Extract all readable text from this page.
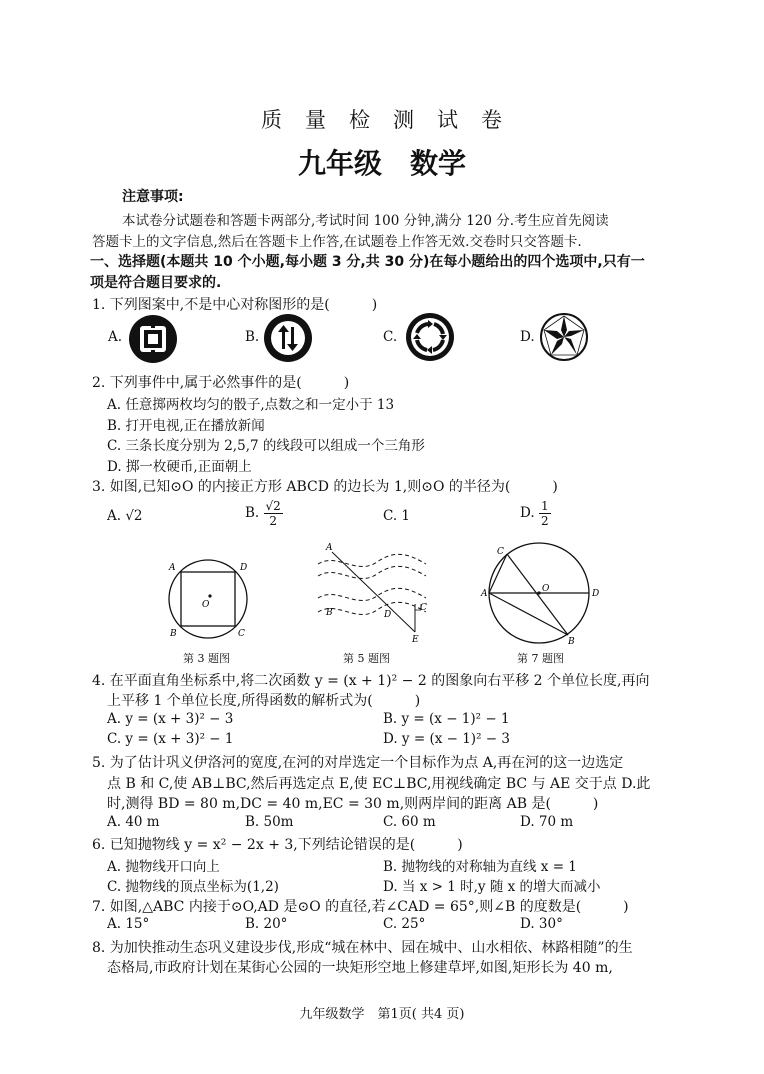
质　量　检　测　试　卷
九年级　数学
注意事项:
本试卷分试题卷和答题卡两部分,考试时间 100 分钟,满分 120 分.考生应首先阅读
答题卡上的文字信息,然后在答题卡上作答,在试题卷上作答无效.交卷时只交答题卡.
一、选择题(本题共 10 个小题,每小题 3 分,共 30 分)在每小题给出的四个选项中,只有一
项是符合题目要求的.
1. 下列图案中,不是中心对称图形的是(　　　)
A.	B.	C.	D.
2. 下列事件中,属于必然事件的是(　　　)
A. 任意掷两枚均匀的骰子,点数之和一定小于 13
B. 打开电视,正在播放新闻
C. 三条长度分别为 2,5,7 的线段可以组成一个三角形
D. 掷一枚硬币,正面朝上
3. 如图,已知⊙O 的内接正方形 ABCD 的边长为 1,则⊙O 的半径为(　　　)
A. √2	B. $\frac{√2}{2}$	C. 1	D. $\frac{1}{2}$
A	D
O
B	C
第 3 题图
A
B	D
C
E
第 5 题图
C
A	O	D
B
第 7 题图
4. 在平面直角坐标系中,将二次函数 y = (x + 1)² − 2 的图象向右平移 2 个单位长度,再向
上平移 1 个单位长度,所得函数的解析式为(　　　)
A. y = (x + 3)² − 3	B. y = (x − 1)² − 1
C. y = (x + 3)² − 1	D. y = (x − 1)² − 3
5. 为了估计巩义伊洛河的宽度,在河的对岸选定一个目标作为点 A,再在河的这一边选定
点 B 和 C,使 AB⊥BC,然后再选定点 E,使 EC⊥BC,用视线确定 BC 与 AE 交于点 D.此
时,测得 BD = 80 m,DC = 40 m,EC = 30 m,则两岸间的距离 AB 是(　　　)
A. 40 m	B. 50m	C. 60 m	D. 70 m
6. 已知抛物线 y = x² − 2x + 3,下列结论错误的是(　　　)
A. 抛物线开口向上	B. 抛物线的对称轴为直线 x = 1
C. 抛物线的顶点坐标为(1,2)	D. 当 x > 1 时,y 随 x 的增大而减小
7. 如图,△ABC 内接于⊙O,AD 是⊙O 的直径,若∠CAD = 65°,则∠B 的度数是(　　　)
A. 15°	B. 20°	C. 25°	D. 30°
8. 为加快推动生态巩义建设步伐,形成“城在林中、园在城中、山水相依、林路相随”的生
态格局,市政府计划在某街心公园的一块矩形空地上修建草坪,如图,矩形长为 40 m,
九年级数学　第1页( 共4 页)
